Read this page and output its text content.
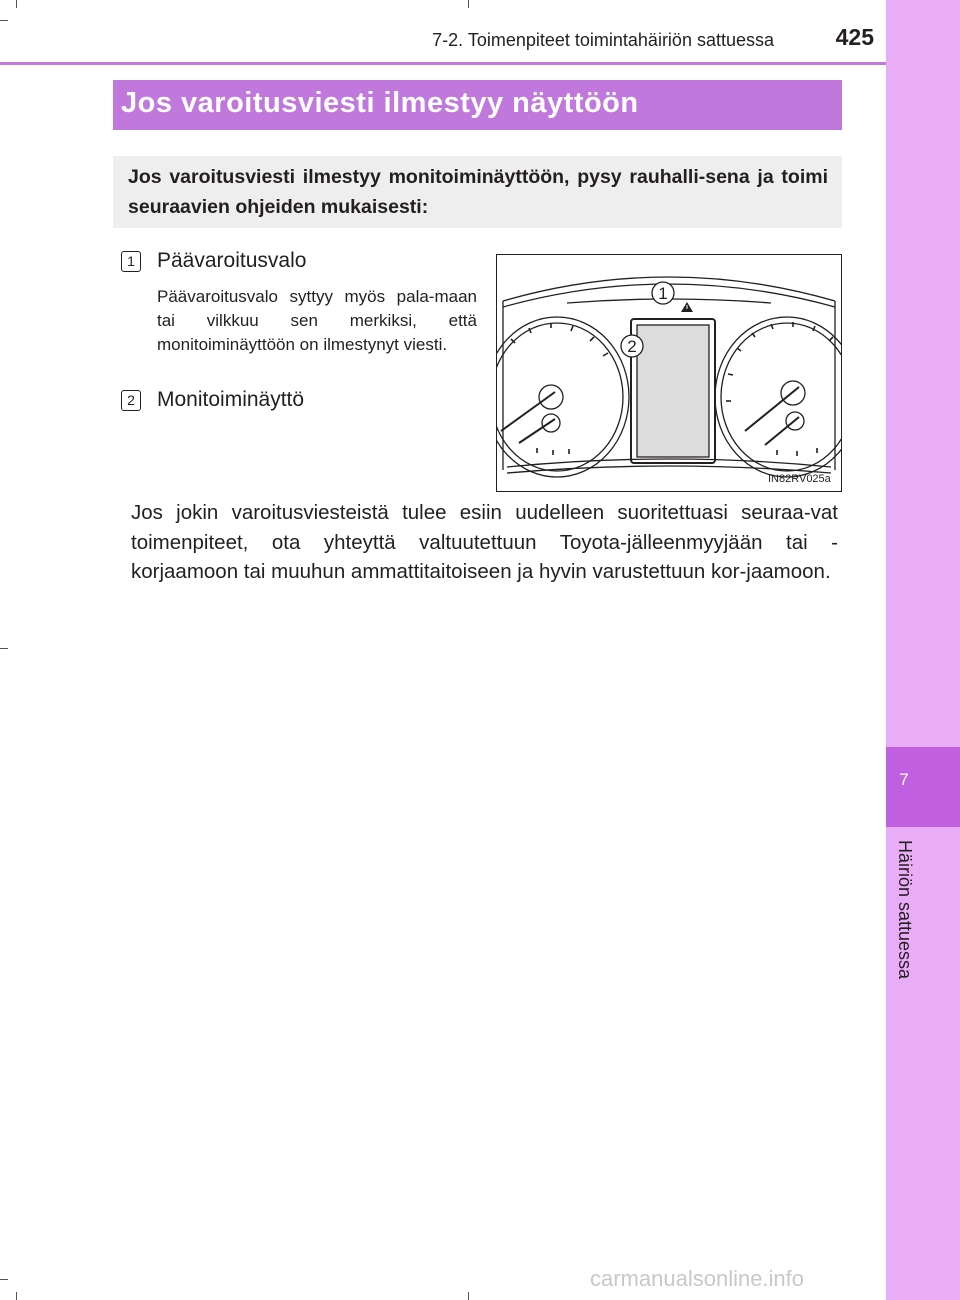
7
Häiriön sattuessa
7-2. Toimenpiteet toimintahäiriön sattuessa	425
Jos varoitusviesti ilmestyy näyttöön

Jos varoitusviesti ilmestyy monitoiminäyttöön, pysy rauhalli-sena ja toimi seuraavien ohjeiden mukaisesti:

1 Päävaroitusvalo

Päävaroitusvalo syttyy myös pala-maan tai vilkkuu sen merkiksi, että monitoiminäyttöön on ilmestynyt viesti.

2 Monitoiminäyttö
1
2
IN82RV025a

Jos jokin varoitusviesteistä tulee esiin uudelleen suoritettuasi seuraa-vat toimenpiteet, ota yhteyttä valtuutettuun Toyota-jälleenmyyjään tai -korjaamoon tai muuhun ammattitaitoiseen ja hyvin varustettuun kor-jaamoon.

carmanualsonline.info
